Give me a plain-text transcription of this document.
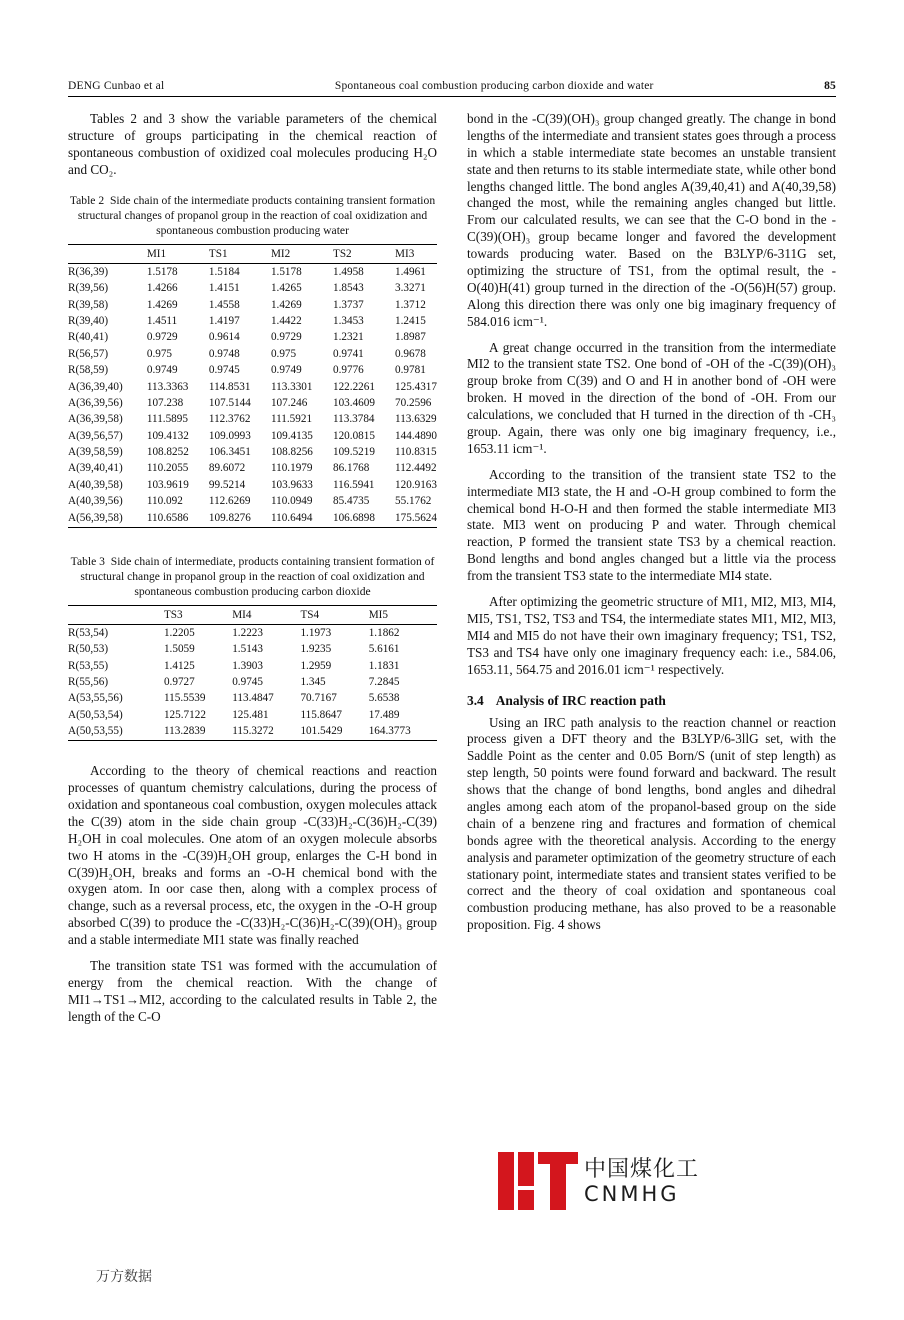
DENG Cunbao et al	Spontaneous coal combustion producing carbon dioxide and water	85

Tables 2 and 3 show the variable parameters of the chemical structure of groups participating in the chemical reaction of spontaneous combustion of oxidized coal molecules producing H₂O and CO₂.

Table 2 Side chain of the intermediate products containing transient formation structural changes of propanol group in the reaction of coal oxidization and spontaneous combustion producing water
	MI1	TS1	MI2	TS2	MI3
R(36,39)	1.5178	1.5184	1.5178	1.4958	1.4961
R(39,56)	1.4266	1.4151	1.4265	1.8543	3.3271
R(39,58)	1.4269	1.4558	1.4269	1.3737	1.3712
R(39,40)	1.4511	1.4197	1.4422	1.3453	1.2415
R(40,41)	0.9729	0.9614	0.9729	1.2321	1.8987
R(56,57)	0.975	0.9748	0.975	0.9741	0.9678
R(58,59)	0.9749	0.9745	0.9749	0.9776	0.9781
A(36,39,40)	113.3363	114.8531	113.3301	122.2261	125.4317
A(36,39,56)	107.238	107.5144	107.246	103.4609	70.2596
A(36,39,58)	111.5895	112.3762	111.5921	113.3784	113.6329
A(39,56,57)	109.4132	109.0993	109.4135	120.0815	144.4890
A(39,58,59)	108.8252	106.3451	108.8256	109.5219	110.8315
A(39,40,41)	110.2055	89.6072	110.1979	86.1768	112.4492
A(40,39,58)	103.9619	99.5214	103.9633	116.5941	120.9163
A(40,39,56)	110.092	112.6269	110.0949	85.4735	55.1762
A(56,39,58)	110.6586	109.8276	110.6494	106.6898	175.5624
Table 3 Side chain of intermediate, products containing transient formation of structural change in propanol group in the reaction of coal oxidization and spontaneous combustion producing carbon dioxide
	TS3	MI4	TS4	MI5
R(53,54)	1.2205	1.2223	1.1973	1.1862
R(50,53)	1.5059	1.5143	1.9235	5.6161
R(53,55)	1.4125	1.3903	1.2959	1.1831
R(55,56)	0.9727	0.9745	1.345	7.2845
A(53,55,56)	115.5539	113.4847	70.7167	5.6538
A(50,53,54)	125.7122	125.481	115.8647	17.489
A(50,53,55)	113.2839	115.3272	101.5429	164.3773

According to the theory of chemical reactions and reaction processes of quantum chemistry calculations, during the process of oxidation and spontaneous coal combustion, oxygen molecules attack the C(39) atom in the side chain group -C(33)H₂-C(36)H₂-C(39) H₂OH in coal molecules. One atom of an oxygen molecule absorbs two H atoms in the -C(39)H₂OH group, enlarges the C-H bond in C(39)H₂OH, breaks and forms an -O-H chemical bond with the oxygen atom. In oor case then, along with a complex process of change, such as a reversal process, etc, the oxygen in the -O-H group absorbed C(39) to produce the -C(33)H₂-C(36)H₂-C(39)(OH)₃ group and a stable intermediate MI1 state was finally reached

The transition state TS1 was formed with the accumulation of energy from the chemical reaction. With the change of MI1→TS1→MI2, according to the calculated results in Table 2, the length of the C-O

bond in the -C(39)(OH)₃ group changed greatly. The change in bond lengths of the intermediate and transient states goes through a process in which a stable intermediate state becomes an unstable transient state and then returns to its stable intermediate state, while other bond lengths changed little. The bond angles A(39,40,41) and A(40,39,58) changed the most, while the remaining angles changed but little. From our calculated results, we can see that the C-O bond in the -C(39)(OH)₃ group became longer and favored the development towards producing water. Based on the B3LYP/6-311G set, optimizing the structure of TS1, from the optimal result, the -O(40)H(41) group turned in the direction of the -O(56)H(57) group. Along this direction there was only one big imaginary frequency of 584.016 icm⁻¹.

A great change occurred in the transition from the intermediate MI2 to the transient state TS2. One bond of -OH of the -C(39)(OH)₃ group broke from C(39) and O and H in another bond of -OH were broken. H moved in the direction of the bond of -OH. From our calculations, we concluded that H turned in the direction of th -CH₃ group. Again, there was only one big imaginary frequency, i.e., 1653.11 icm⁻¹.

According to the transition of the transient state TS2 to the intermediate MI3 state, the H and -O-H group combined to form the chemical bond H-O-H and then formed the stable intermediate MI3 state. MI3 went on producing P and water. Through chemical reaction, P formed the transient state TS3 by a chemical reaction. Bond lengths and bond angles changed but a little via the process from the transient TS3 state to the intermediate MI4 state.

After optimizing the geometric structure of MI1, MI2, MI3, MI4, MI5, TS1, TS2, TS3 and TS4, the intermediate states MI1, MI2, MI3, MI4 and MI5 do not have their own imaginary frequency; TS1, TS2, TS3 and TS4 have only one imaginary frequency each: i.e., 584.06, 1653.11, 564.75 and 2016.01 icm⁻¹ respectively.

3.4 Analysis of IRC reaction path

Using an IRC path analysis to the reaction channel or reaction process given a DFT theory and the B3LYP/6-3llG set, with the Saddle Point as the center and 0.05 Born/S (unit of step length) as step length, 50 points were found forward and backward. The result shows that the change of bond lengths, bond angles and dihedral angles among each atom of the propanol-based group on the side chain of a benzene ring and fractures and formation of chemical bonds agree with the theoretical analysis. According to the energy analysis and parameter optimization of the geometry structure of each stationary point, intermediate states and transient states verified to be correct and the theory of coal oxidation and spontaneous coal combustion producing methane, has also proved to be a reasonable proposition. Fig. 4 shows

中国煤化工
CNMHG
万方数据
